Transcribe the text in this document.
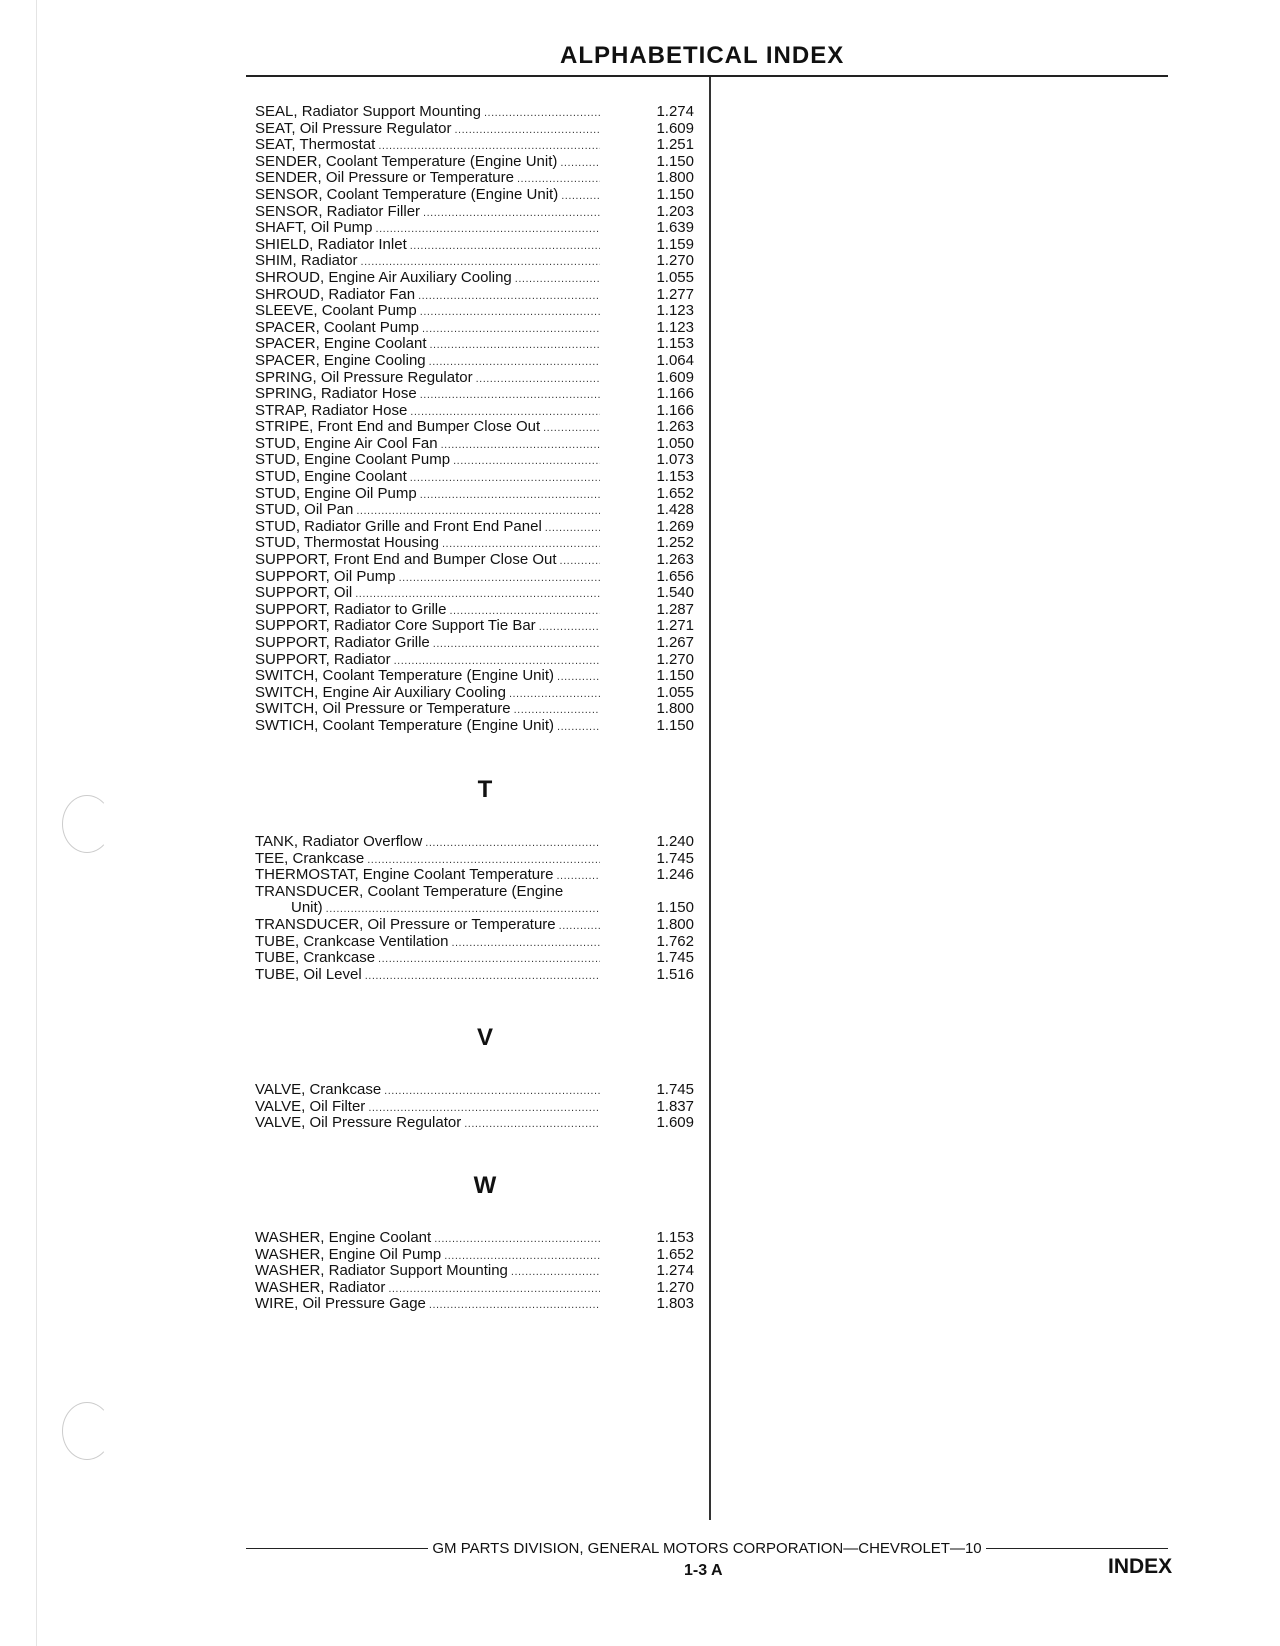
ALPHABETICAL INDEX
SEAL, Radiator Support Mounting .....	1.274
SEAT, Oil Pressure Regulator .....	1.609
SEAT, Thermostat .....	1.251
SENDER, Coolant Temperature (Engine Unit) .....	1.150
SENDER, Oil Pressure or Temperature .....	1.800
SENSOR, Coolant Temperature (Engine Unit) .....	1.150
SENSOR, Radiator Filler .....	1.203
SHAFT, Oil Pump .....	1.639
SHIELD, Radiator Inlet .....	1.159
SHIM, Radiator .....	1.270
SHROUD, Engine Air Auxiliary Cooling .....	1.055
SHROUD, Radiator Fan .....	1.277
SLEEVE, Coolant Pump .....	1.123
SPACER, Coolant Pump .....	1.123
SPACER, Engine Coolant .....	1.153
SPACER, Engine Cooling .....	1.064
SPRING, Oil Pressure Regulator .....	1.609
SPRING, Radiator Hose .....	1.166
STRAP, Radiator Hose .....	1.166
STRIPE, Front End and Bumper Close Out .....	1.263
STUD, Engine Air Cool Fan .....	1.050
STUD, Engine Coolant Pump .....	1.073
STUD, Engine Coolant .....	1.153
STUD, Engine Oil Pump .....	1.652
STUD, Oil Pan .....	1.428
STUD, Radiator Grille and Front End Panel .....	1.269
STUD, Thermostat Housing .....	1.252
SUPPORT, Front End and Bumper Close Out .....	1.263
SUPPORT, Oil Pump .....	1.656
SUPPORT, Oil .....	1.540
SUPPORT, Radiator to Grille .....	1.287
SUPPORT, Radiator Core Support Tie Bar .....	1.271
SUPPORT, Radiator Grille .....	1.267
SUPPORT, Radiator .....	1.270
SWITCH, Coolant Temperature (Engine Unit) .....	1.150
SWITCH, Engine Air Auxiliary Cooling .....	1.055
SWITCH, Oil Pressure or Temperature .....	1.800
SWTICH, Coolant Temperature (Engine Unit) .....	1.150
T
TANK, Radiator Overflow .....	1.240
TEE, Crankcase .....	1.745
THERMOSTAT, Engine Coolant Temperature .....	1.246
TRANSDUCER, Coolant Temperature (Engine
Unit) .....	1.150
TRANSDUCER, Oil Pressure or Temperature .....	1.800
TUBE, Crankcase Ventilation .....	1.762
TUBE, Crankcase .....	1.745
TUBE, Oil Level .....	1.516
V
VALVE, Crankcase .....	1.745
VALVE, Oil Filter .....	1.837
VALVE, Oil Pressure Regulator .....	1.609
W
WASHER, Engine Coolant .....	1.153
WASHER, Engine Oil Pump .....	1.652
WASHER, Radiator Support Mounting .....	1.274
WASHER, Radiator .....	1.270
WIRE, Oil Pressure Gage .....	1.803
GM PARTS DIVISION, GENERAL MOTORS CORPORATION—CHEVROLET—10
1-3 A	INDEX
